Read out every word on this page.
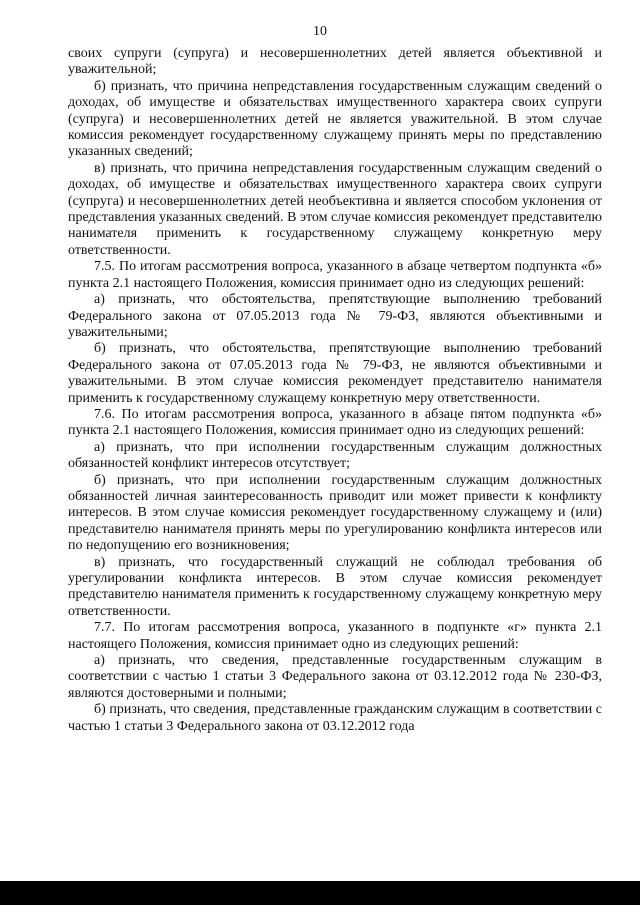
10

своих супруги (супруга) и несовершеннолетних детей является объективной и уважительной;

б) признать, что причина непредставления государственным служащим сведений о доходах, об имуществе и обязательствах имущественного характера своих супруги (супруга) и несовершеннолетних детей не является уважительной. В этом случае комиссия рекомендует государственному служащему принять меры по представлению указанных сведений;

в) признать, что причина непредставления государственным служащим сведений о доходах, об имуществе и обязательствах имущественного характера своих супруги (супруга) и несовершеннолетних детей необъективна и является способом уклонения от представления указанных сведений. В этом случае комиссия рекомендует представителю нанимателя применить к государственному служащему конкретную меру ответственности.

7.5. По итогам рассмотрения вопроса, указанного в абзаце четвертом подпункта «б» пункта 2.1 настоящего Положения, комиссия принимает одно из следующих решений:

а) признать, что обстоятельства, препятствующие выполнению требований Федерального закона от 07.05.2013 года № 79-ФЗ, являются объективными и уважительными;

б) признать, что обстоятельства, препятствующие выполнению требований Федерального закона от 07.05.2013 года № 79-ФЗ, не являются объективными и уважительными. В этом случае комиссия рекомендует представителю нанимателя применить к государственному служащему конкретную меру ответственности.

7.6. По итогам рассмотрения вопроса, указанного в абзаце пятом подпункта «б» пункта 2.1 настоящего Положения, комиссия принимает одно из следующих решений:

а) признать, что при исполнении государственным служащим должностных обязанностей конфликт интересов отсутствует;

б) признать, что при исполнении государственным служащим должностных обязанностей личная заинтересованность приводит или может привести к конфликту интересов. В этом случае комиссия рекомендует государственному служащему и (или) представителю нанимателя принять меры по урегулированию конфликта интересов или по недопущению его возникновения;

в) признать, что государственный служащий не соблюдал требования об урегулировании конфликта интересов. В этом случае комиссия рекомендует представителю нанимателя применить к государственному служащему конкретную меру ответственности.

7.7. По итогам рассмотрения вопроса, указанного в подпункте «г» пункта 2.1 настоящего Положения, комиссия принимает одно из следующих решений:

а) признать, что сведения, представленные государственным служащим в соответствии с частью 1 статьи 3 Федерального закона от 03.12.2012 года № 230-ФЗ, являются достоверными и полными;

б) признать, что сведения, представленные гражданским служащим в соответствии с частью 1 статьи 3 Федерального закона от 03.12.2012 года
